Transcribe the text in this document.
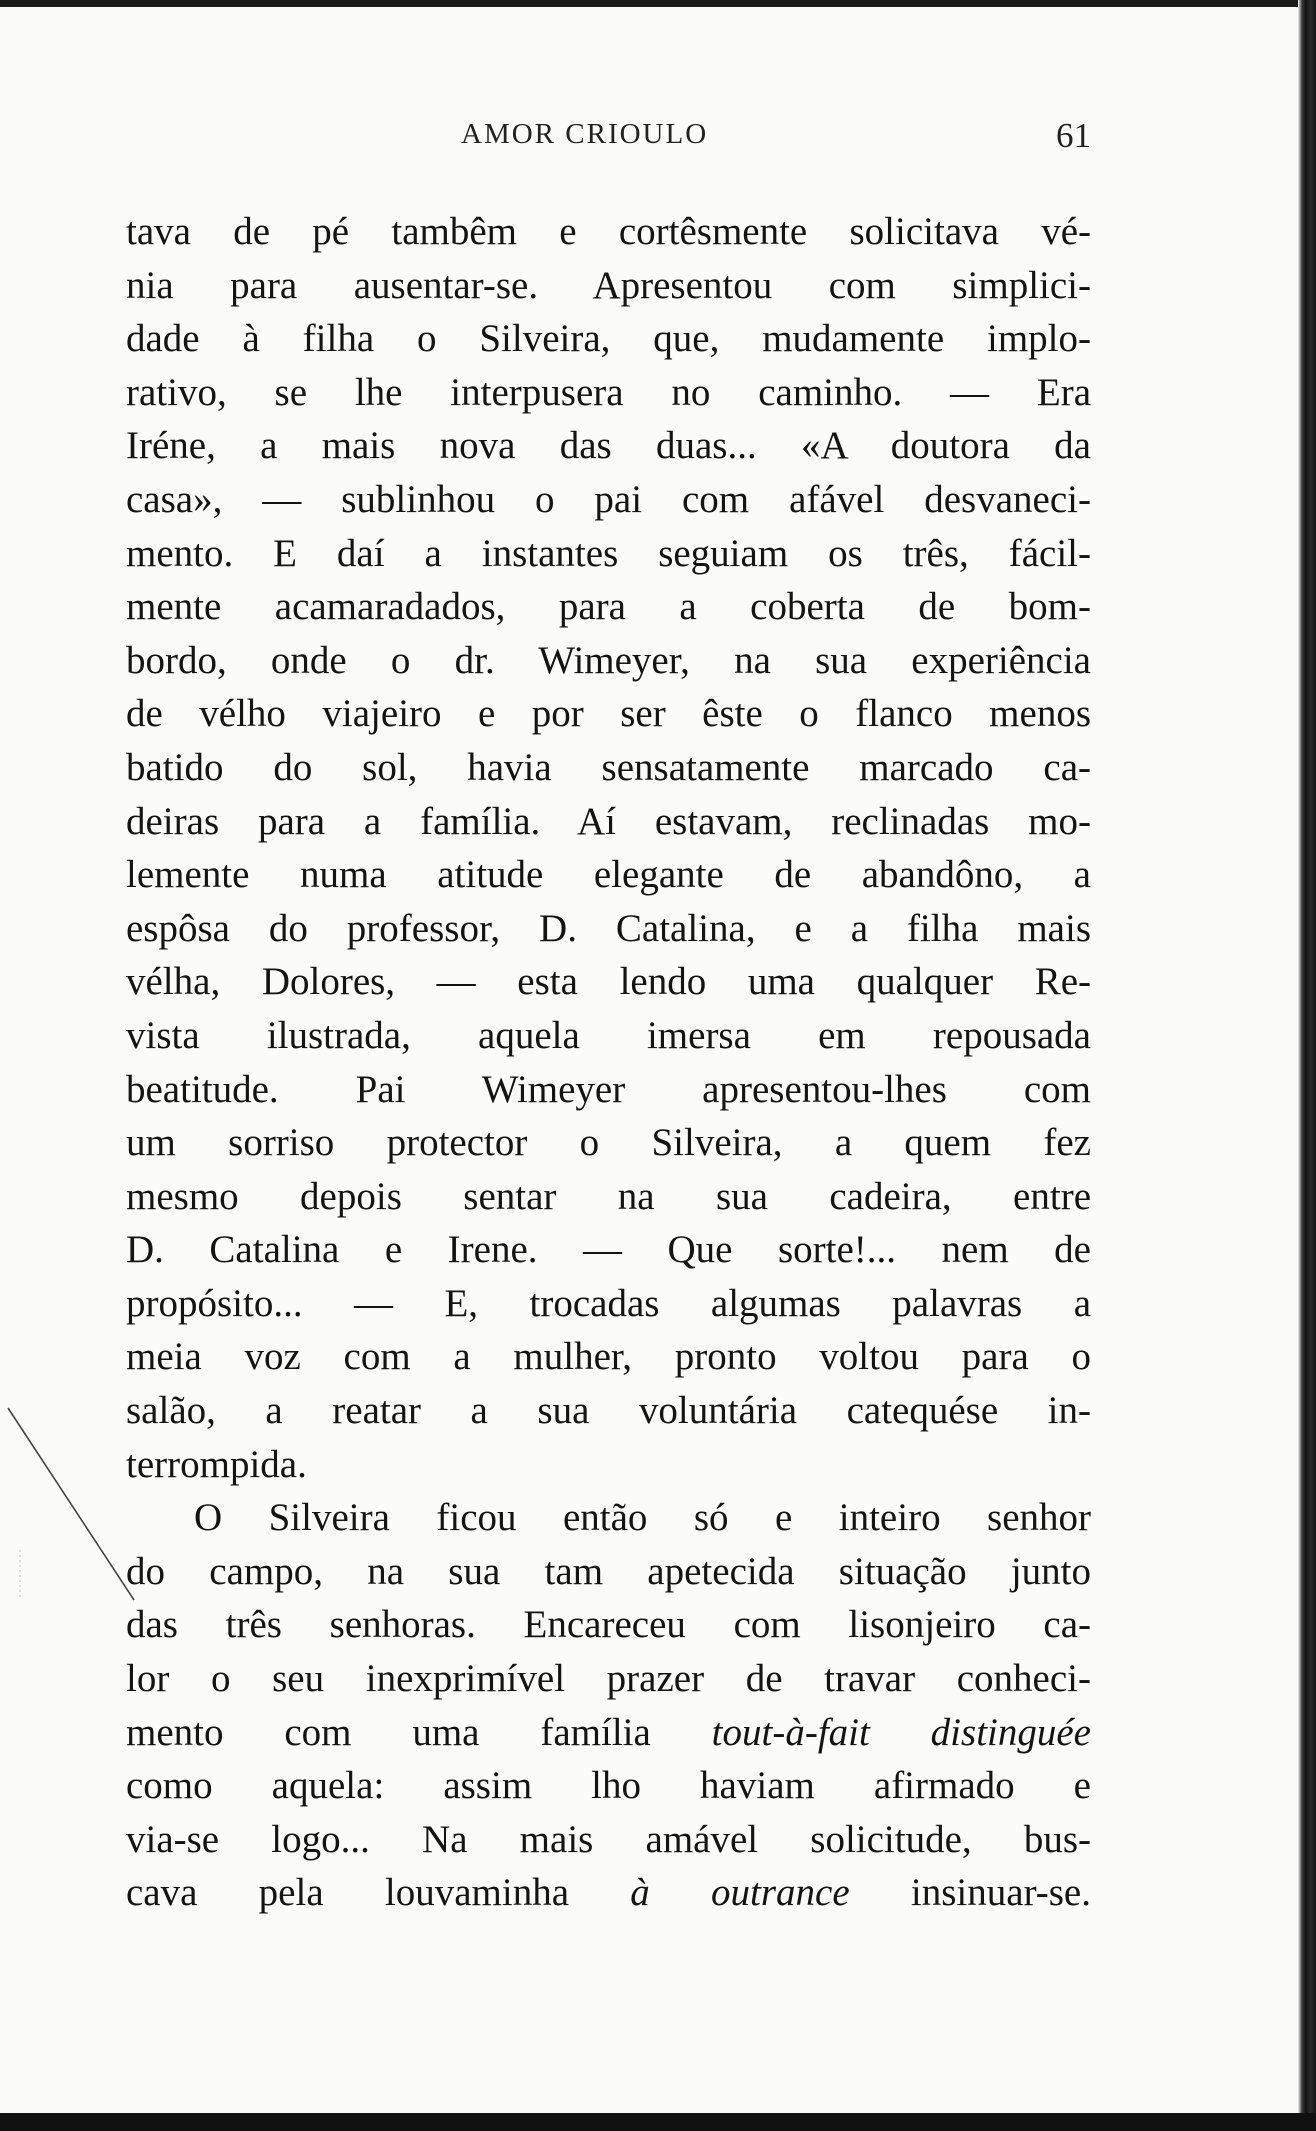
AMOR CRIOULO	61
tava de pé tambêm e cortêsmente solicitava vé-
nia para ausentar-se. Apresentou com simplici-
dade à filha o Silveira, que, mudamente implo-
rativo, se lhe interpusera no caminho. — Era
Iréne, a mais nova das duas... «A doutora da
casa», — sublinhou o pai com afável desvaneci-
mento. E daí a instantes seguiam os três, fácil-
mente acamaradados, para a coberta de bom-
bordo, onde o dr. Wimeyer, na sua experiência
de vélho viajeiro e por ser êste o flanco menos
batido do sol, havia sensatamente marcado ca-
deiras para a família. Aí estavam, reclinadas mo-
lemente numa atitude elegante de abandôno, a
espôsa do professor, D. Catalina, e a filha mais
vélha, Dolores, — esta lendo uma qualquer Re-
vista ilustrada, aquela imersa em repousada
beatitude. Pai Wimeyer apresentou-lhes com
um sorriso protector o Silveira, a quem fez
mesmo depois sentar na sua cadeira, entre
D. Catalina e Irene. — Que sorte!... nem de
propósito... — E, trocadas algumas palavras a
meia voz com a mulher, pronto voltou para o
salão, a reatar a sua voluntária catequése in-
terrompida.
O Silveira ficou então só e inteiro senhor
do campo, na sua tam apetecida situação junto
das três senhoras. Encareceu com lisonjeiro ca-
lor o seu inexprimível prazer de travar conheci-
mento com uma família tout-à-fait distinguée
como aquela: assim lho haviam afirmado e
via-se logo... Na mais amável solicitude, bus-
cava pela louvaminha à outrance insinuar-se.
